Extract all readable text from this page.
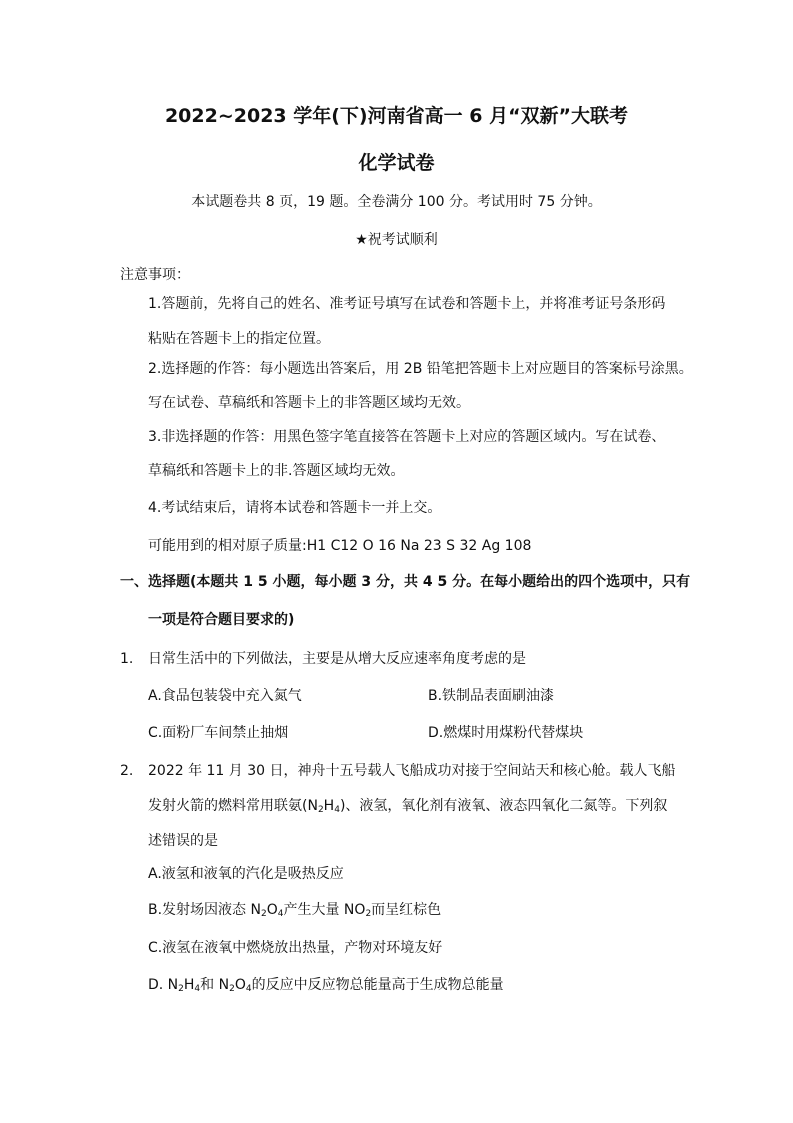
2022~2023 学年(下)河南省高一 6 月“双新”大联考
化学试卷
本试题卷共 8 页，19 题。全卷满分 100 分。考试用时 75 分钟。
★祝考试顺利
注意事项：
1.答题前，先将自己的姓名、准考证号填写在试卷和答题卡上，并将准考证号条形码
粘贴在答题卡上的指定位置。
2.选择题的作答：每小题选出答案后，用 2B 铅笔把答题卡上对应题目的答案标号涂黑。
写在试卷、草稿纸和答题卡上的非答题区域均无效。
3.非选择题的作答：用黑色签字笔直接答在答题卡上对应的答题区域内。写在试卷、
草稿纸和答题卡上的非.答题区域均无效。
4.考试结束后，请将本试卷和答题卡一并上交。
可能用到的相对原子质量:H1 C12 O 16 Na 23 S 32 Ag 108
一、选择题(本题共 1 5 小题，每小题 3 分，共 4 5 分。在每小题给出的四个选项中，只有
一项是符合题目要求的)
1. 日常生活中的下列做法，主要是从增大反应速率角度考虑的是
A.食品包装袋中充入氮气	B.铁制品表面刷油漆
C.面粉厂车间禁止抽烟	D.燃煤时用煤粉代替煤块
2. 2022 年 11 月 30 日，神舟十五号载人飞船成功对接于空间站天和核心舱。载人飞船
发射火箭的燃料常用联氨$(N_2H_4)$、液氢，氧化剂有液氧、液态四氧化二氮等。下列叙
述错误的是
A.液氢和液氧的汽化是吸热反应
B.发射场因液态 $N_2O_4$产生大量 $NO_2$而呈红棕色
C.液氢在液氧中燃烧放出热量，产物对环境友好
D. $N_2H_4$和 $N_2O_4$的反应中反应物总能量高于生成物总能量
